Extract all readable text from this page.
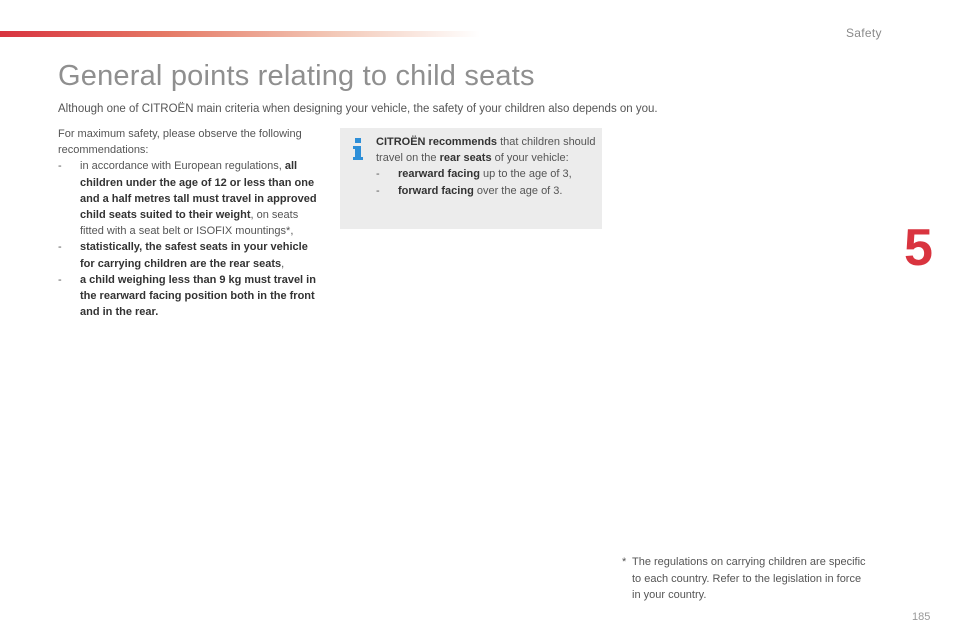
Safety
General points relating to child seats
Although one of CITROËN main criteria when designing your vehicle, the safety of your children also depends on you.

For maximum safety, please observe the following recommendations:

- in accordance with European regulations, all children under the age of 12 or less than one and a half metres tall must travel in approved child seats suited to their weight, on seats fitted with a seat belt or ISOFIX mountings*,
- statistically, the safest seats in your vehicle for carrying children are the rear seats,
- a child weighing less than 9 kg must travel in the rearward facing position both in the front and in the rear.

CITROËN recommends that children should travel on the rear seats of your vehicle:

- rearward facing up to the age of 3,
- forward facing over the age of 3.
5
* The regulations on carrying children are specific to each country. Refer to the legislation in force in your country.
185
